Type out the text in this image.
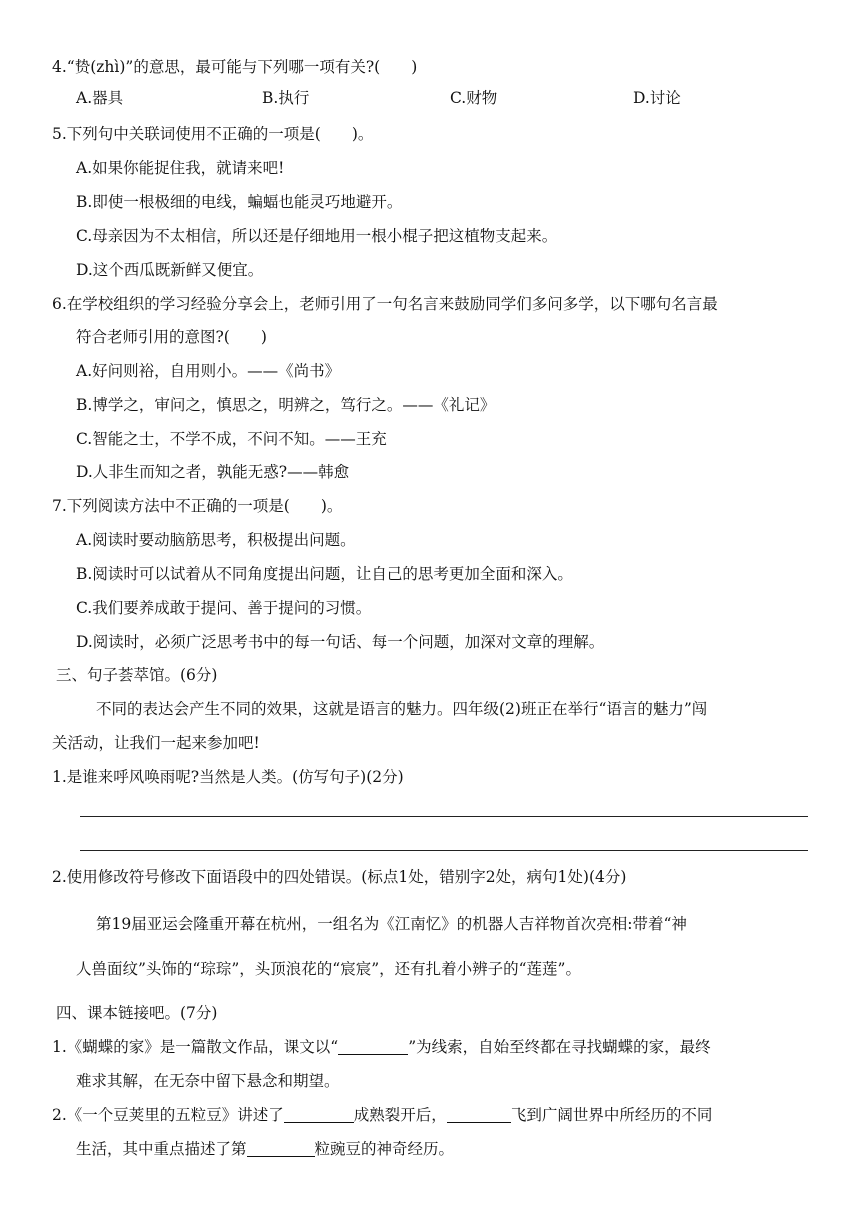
4.“贽(zhì)”的意思，最可能与下列哪一项有关?(　　)
A.器具	B.执行	C.财物	D.讨论
5.下列句中关联词使用不正确的一项是(　　)。
A.如果你能捉住我，就请来吧!
B.即使一根极细的电线，蝙蝠也能灵巧地避开。
C.母亲因为不太相信，所以还是仔细地用一根小棍子把这植物支起来。
D.这个西瓜既新鲜又便宜。
6.在学校组织的学习经验分享会上，老师引用了一句名言来鼓励同学们多问多学，以下哪句名言最
符合老师引用的意图?(　　)
A.好问则裕，自用则小。——《尚书》
B.博学之，审问之，慎思之，明辨之，笃行之。——《礼记》
C.智能之士，不学不成，不问不知。——王充
D.人非生而知之者，孰能无惑?——韩愈
7.下列阅读方法中不正确的一项是(　　)。
A.阅读时要动脑筋思考，积极提出问题。
B.阅读时可以试着从不同角度提出问题，让自己的思考更加全面和深入。
C.我们要养成敢于提问、善于提问的习惯。
D.阅读时，必须广泛思考书中的每一句话、每一个问题，加深对文章的理解。
三、句子荟萃馆。(6分)
不同的表达会产生不同的效果，这就是语言的魅力。四年级(2)班正在举行“语言的魅力”闯
关活动，让我们一起来参加吧!
1.是谁来呼风唤雨呢?当然是人类。(仿写句子)(2分)
2.使用修改符号修改下面语段中的四处错误。(标点1处，错别字2处，病句1处)(4分)
第19届亚运会隆重开幕在杭州，一组名为《江南忆》的机器人吉祥物首次亮相:带着“神
人兽面纹”头饰的“琮琮”，头顶浪花的“宸宸”，还有扎着小辨子的“莲莲”。
四、课本链接吧。(7分)
1.《蝴蝶的家》是一篇散文作品，课文以“	”为线索，自始至终都在寻找蝴蝶的家，最终
难求其解，在无奈中留下悬念和期望。
2.《一个豆荚里的五粒豆》讲述了	成熟裂开后，	飞到广阔世界中所经历的不同
生活，其中重点描述了第	粒豌豆的神奇经历。
